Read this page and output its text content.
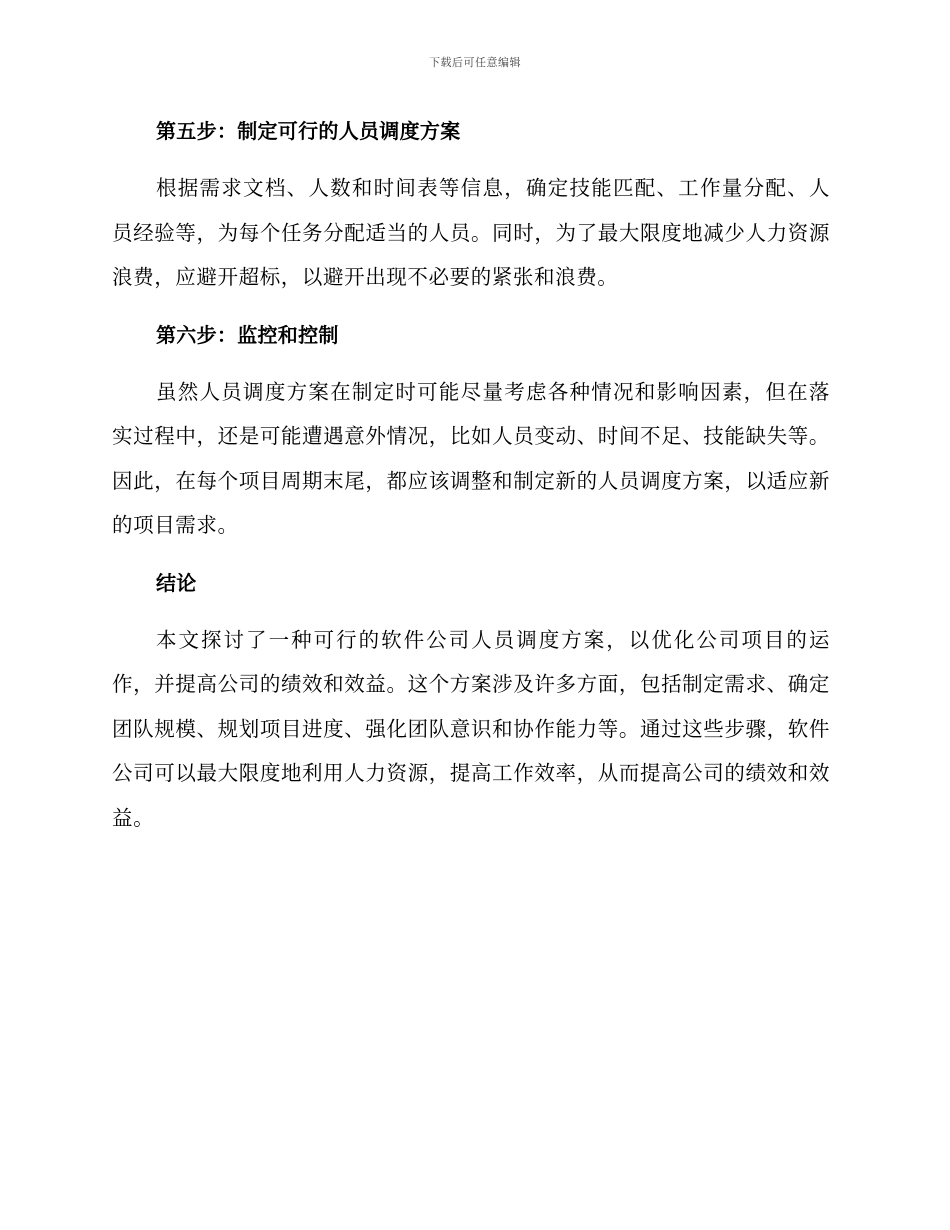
下载后可任意编辑
第五步：制定可行的人员调度方案

根据需求文档、人数和时间表等信息，确定技能匹配、工作量分配、人员经验等，为每个任务分配适当的人员。同时，为了最大限度地减少人力资源浪费，应避开超标，以避开出现不必要的紧张和浪费。

第六步：监控和控制

虽然人员调度方案在制定时可能尽量考虑各种情况和影响因素，但在落实过程中，还是可能遭遇意外情况，比如人员变动、时间不足、技能缺失等。因此，在每个项目周期末尾，都应该调整和制定新的人员调度方案，以适应新的项目需求。

结论

本文探讨了一种可行的软件公司人员调度方案，以优化公司项目的运作，并提高公司的绩效和效益。这个方案涉及许多方面，包括制定需求、确定团队规模、规划项目进度、强化团队意识和协作能力等。通过这些步骤，软件公司可以最大限度地利用人力资源，提高工作效率，从而提高公司的绩效和效益。
